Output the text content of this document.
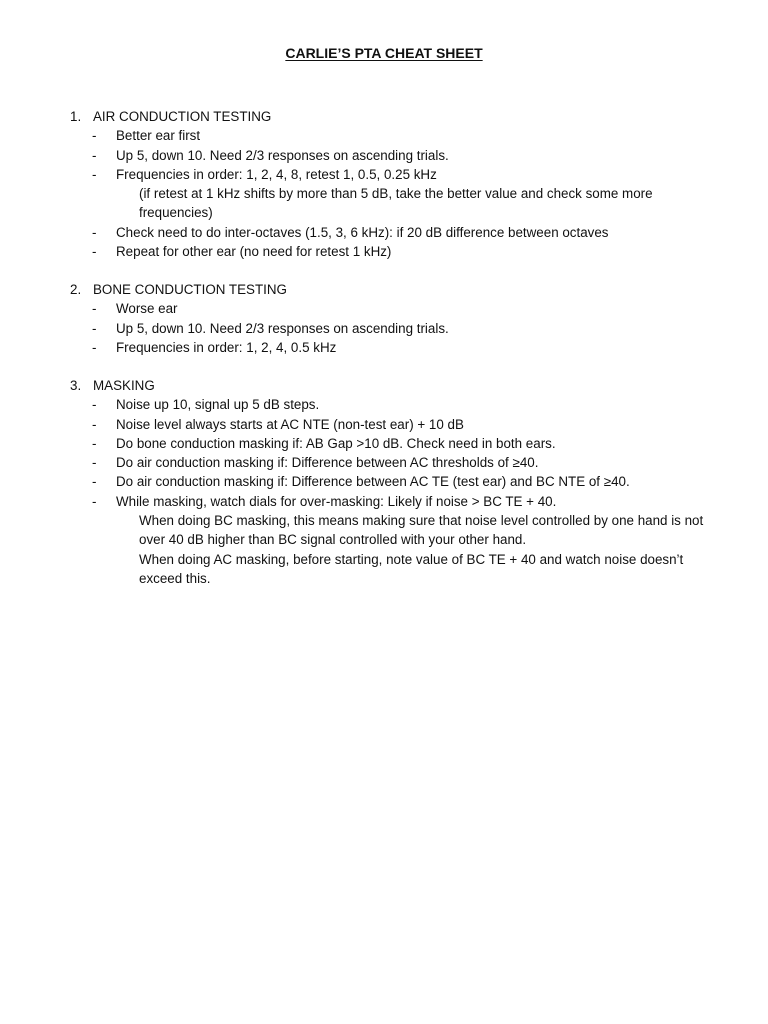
CARLIE’S PTA CHEAT SHEET
1. AIR CONDUCTION TESTING
- Better ear first
- Up 5, down 10. Need 2/3 responses on ascending trials.
- Frequencies in order: 1, 2, 4, 8, retest 1, 0.5, 0.25 kHz
(if retest at 1 kHz shifts by more than 5 dB, take the better value and check some more frequencies)
- Check need to do inter-octaves (1.5, 3, 6 kHz): if 20 dB difference between octaves
- Repeat for other ear (no need for retest 1 kHz)
2. BONE CONDUCTION TESTING
- Worse ear
- Up 5, down 10. Need 2/3 responses on ascending trials.
- Frequencies in order: 1, 2, 4, 0.5 kHz
3. MASKING
- Noise up 10, signal up 5 dB steps.
- Noise level always starts at AC NTE (non-test ear) + 10 dB
- Do bone conduction masking if: AB Gap >10 dB. Check need in both ears.
- Do air conduction masking if: Difference between AC thresholds of ≥40.
- Do air conduction masking if: Difference between AC TE (test ear) and BC NTE of ≥40.
- While masking, watch dials for over-masking: Likely if noise > BC TE + 40.
When doing BC masking, this means making sure that noise level controlled by one hand is not over 40 dB higher than BC signal controlled with your other hand.
When doing AC masking, before starting, note value of BC TE + 40 and watch noise doesn’t exceed this.
